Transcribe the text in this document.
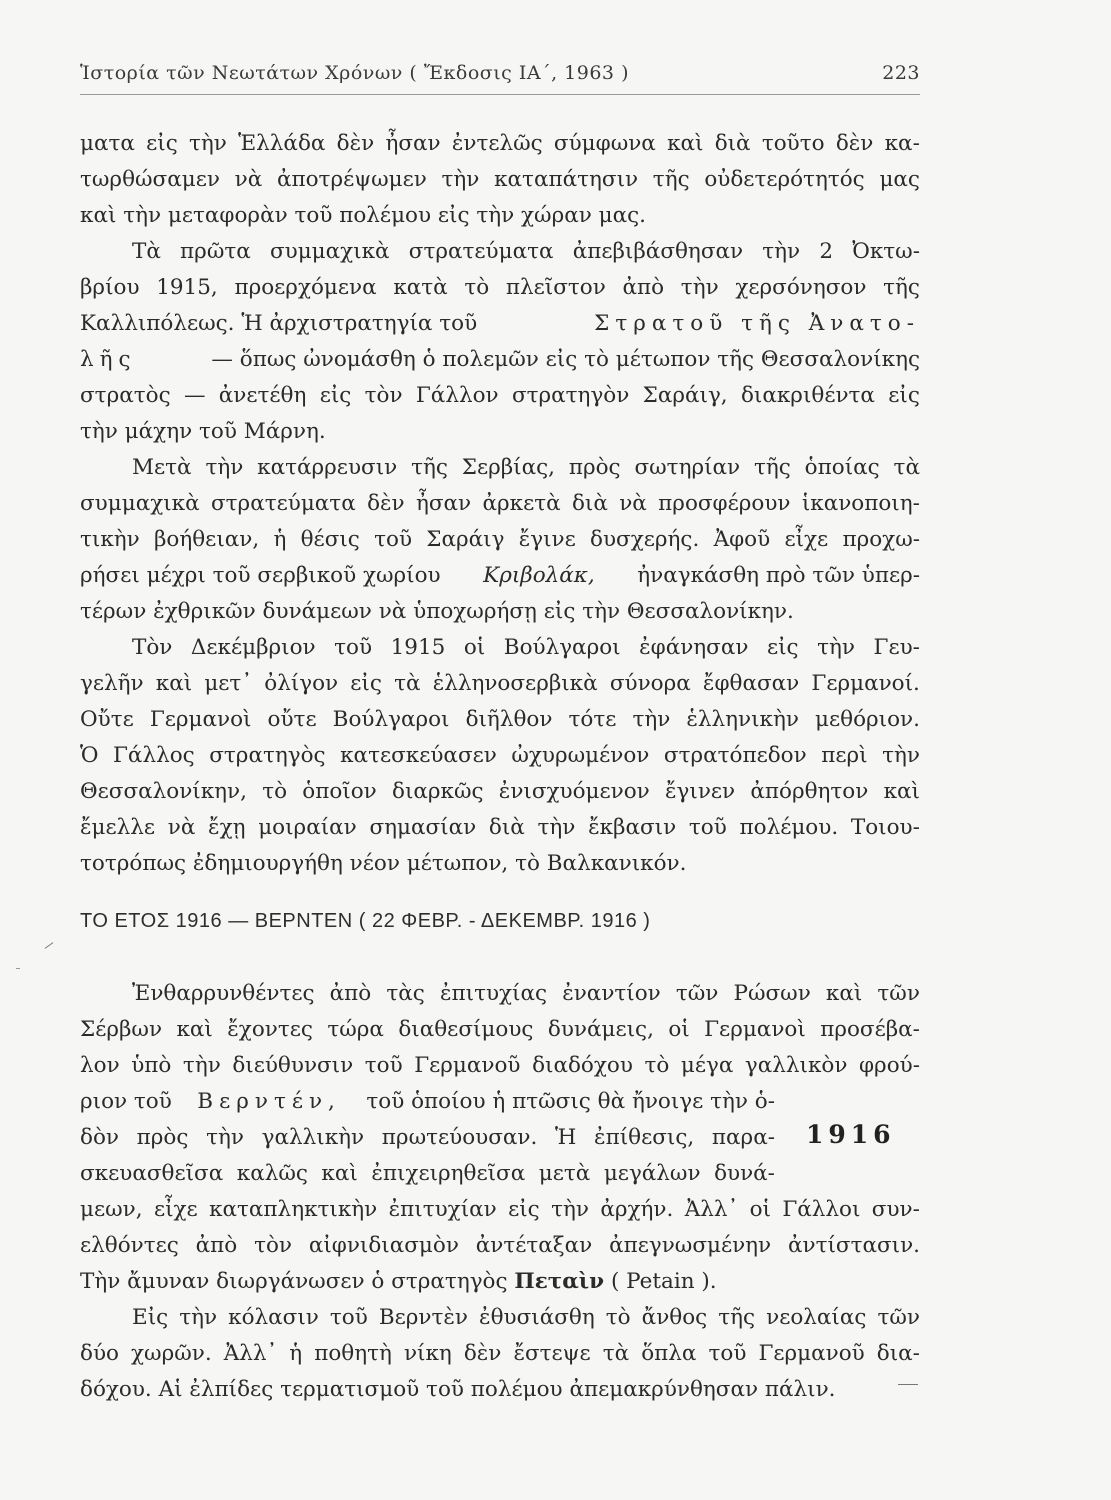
Ἱστορία τῶν Νεωτάτων Χρόνων ( Ἔκδοσις ΙΑ΄, 1963 )	223
ματα εἰς τὴν Ἑλλάδα δὲν ἦσαν ἐντελῶς σύμφωνα καὶ διὰ τοῦτο δὲν κα-
τωρθώσαμεν νὰ ἀποτρέψωμεν τὴν καταπάτησιν τῆς οὐδετερότητός μας
καὶ τὴν μεταφορὰν τοῦ πολέμου εἰς τὴν χώραν μας.
Τὰ πρῶτα συμμαχικὰ στρατεύματα ἀπεβιβάσθησαν τὴν 2 Ὀκτω-
βρίου 1915, προερχόμενα κατὰ τὸ πλεῖστον ἀπὸ τὴν χερσόνησον τῆς
Καλλιπόλεως. Ἡ ἀρχιστρατηγία τοῦ	Στρατοῦ τῆς Ἀνατο-
λῆς	— ὅπως ὠνομάσθη ὁ πολεμῶν εἰς τὸ μέτωπον τῆς Θεσσαλονίκης
στρατὸς — ἀνετέθη εἰς τὸν Γάλλον στρατηγὸν Σαράιγ, διακριθέντα εἰς
τὴν μάχην τοῦ Μάρνη.
Μετὰ τὴν κατάρρευσιν τῆς Σερβίας, πρὸς σωτηρίαν τῆς ὁποίας τὰ
συμμαχικὰ στρατεύματα δὲν ἦσαν ἀρκετὰ διὰ νὰ προσφέρουν ἱκανοποιη-
τικὴν βοήθειαν, ἡ θέσις τοῦ Σαράιγ ἔγινε δυσχερής. Ἀφοῦ εἶχε προχω-
ρήσει μέχρι τοῦ σερβικοῦ χωρίου Κριβολάκ, ἠναγκάσθη πρὸ τῶν ὑπερ-
τέρων ἐχθρικῶν δυνάμεων νὰ ὑποχωρήσῃ εἰς τὴν Θεσσαλονίκην.
Τὸν Δεκέμβριον τοῦ 1915 οἱ Βούλγαροι ἐφάνησαν εἰς τὴν Γευ-
γελῆν καὶ μετ᾿ ὀλίγον εἰς τὰ ἑλληνοσερβικὰ σύνορα ἔφθασαν Γερμανοί.
Οὔτε Γερμανοὶ οὔτε Βούλγαροι διῆλθον τότε τὴν ἑλληνικὴν μεθόριον.
Ὁ Γάλλος στρατηγὸς κατεσκεύασεν ὠχυρωμένον στρατόπεδον περὶ τὴν
Θεσσαλονίκην, τὸ ὁποῖον διαρκῶς ἐνισχυόμενον ἔγινεν ἀπόρθητον καὶ
ἔμελλε νὰ ἔχῃ μοιραίαν σημασίαν διὰ τὴν ἔκβασιν τοῦ πολέμου. Τοιου-
τοτρόπως ἐδημιουργήθη νέον μέτωπον, τὸ Βαλκανικόν.
ΤΟ ΕΤΟΣ 1916 — ΒΕΡΝΤΕΝ ( 22 ΦΕΒΡ. - ΔΕΚΕΜΒΡ. 1916 )
Ἐνθαρρυνθέντες ἀπὸ τὰς ἐπιτυχίας ἐναντίον τῶν Ρώσων καὶ τῶν
Σέρβων καὶ ἔχοντες τώρα διαθεσίμους δυνάμεις, οἱ Γερμανοὶ προσέβα-
λον ὑπὸ τὴν διεύθυνσιν τοῦ Γερμανοῦ διαδόχου τὸ μέγα γαλλικὸν φρού-
ριον τοῦ Βερντέν, τοῦ ὁποίου ἡ πτῶσις θὰ ἤνοιγε τὴν ὁ-
δὸν πρὸς τὴν γαλλικὴν πρωτεύουσαν. Ἡ ἐπίθεσις, παρα-
σκευασθεῖσα καλῶς καὶ ἐπιχειρηθεῖσα μετὰ μεγάλων δυνά-
μεων, εἶχε καταπληκτικὴν ἐπιτυχίαν εἰς τὴν ἀρχήν. Ἀλλ᾿ οἱ Γάλλοι συν-
ελθόντες ἀπὸ τὸν αἰφνιδιασμὸν ἀντέταξαν ἀπεγνωσμένην ἀντίστασιν.
Τὴν ἄμυναν διωργάνωσεν ὁ στρατηγὸς Πεταὶν ( Petain ).
Εἰς τὴν κόλασιν τοῦ Βερντὲν ἐθυσιάσθη τὸ ἄνθος τῆς νεολαίας τῶν
δύο χωρῶν. Ἀλλ᾿ ἡ ποθητὴ νίκη δὲν ἔστεψε τὰ ὅπλα τοῦ Γερμανοῦ δια-
δόχου. Αἱ ἐλπίδες τερματισμοῦ τοῦ πολέμου ἀπεμακρύνθησαν πάλιν.
1916
